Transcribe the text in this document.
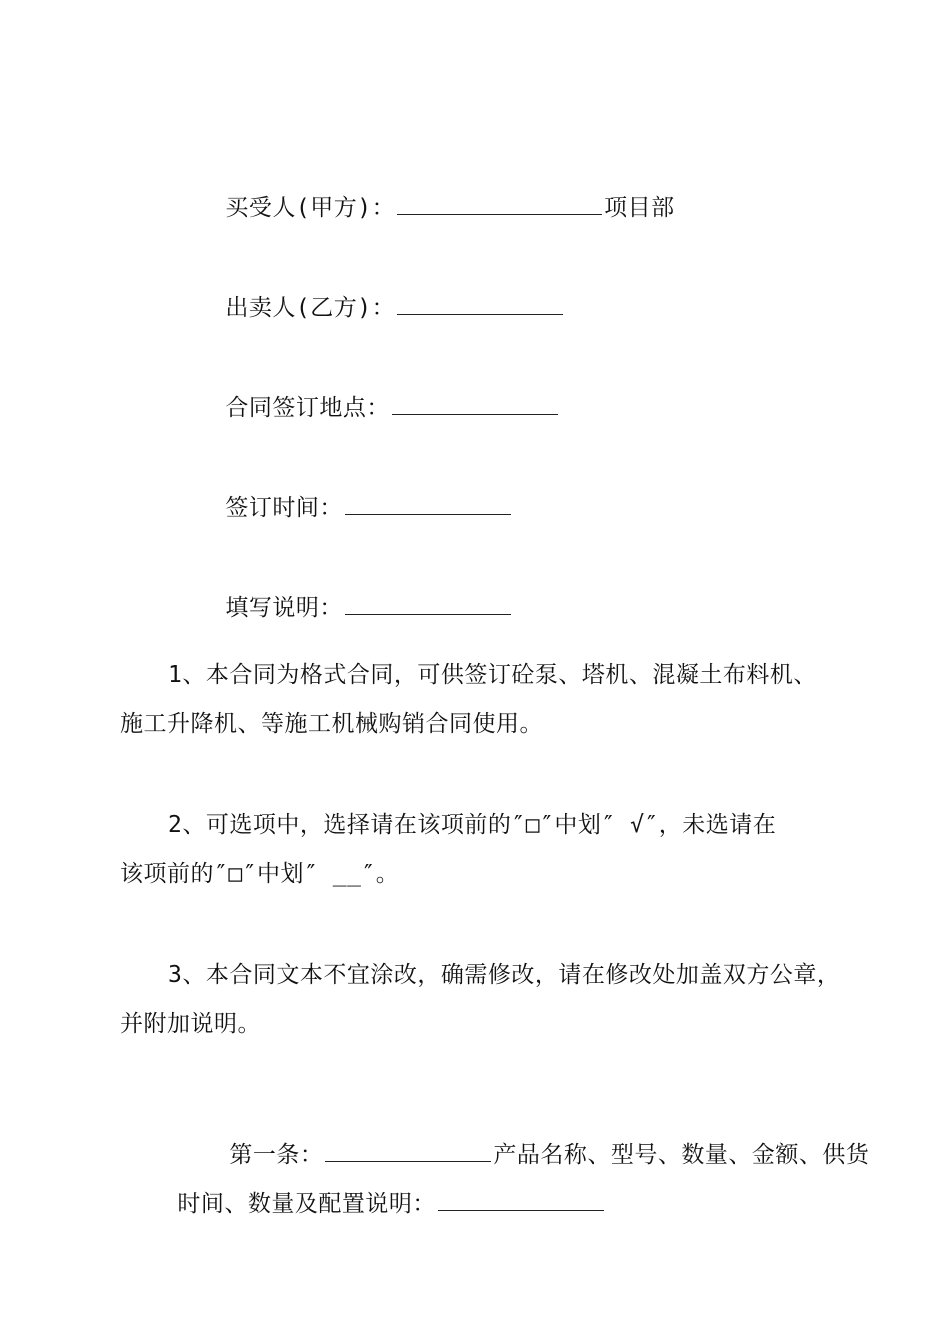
买受人(甲方)：	项目部

出卖人(乙方)：

合同签订地点：

签订时间：

填写说明：

1、本合同为格式合同，可供签订砼泵、塔机、混凝土布料机、
施工升降机、等施工机械购销合同使用。
2、可选项中，选择请在该项前的″□″中划″ √″，未选请在
该项前的″□″中划″ __″。
3、本合同文本不宜涂改，确需修改，请在修改处加盖双方公章，
并附加说明。

第一条：	产品名称、型号、数量、金额、供货

时间、数量及配置说明：
